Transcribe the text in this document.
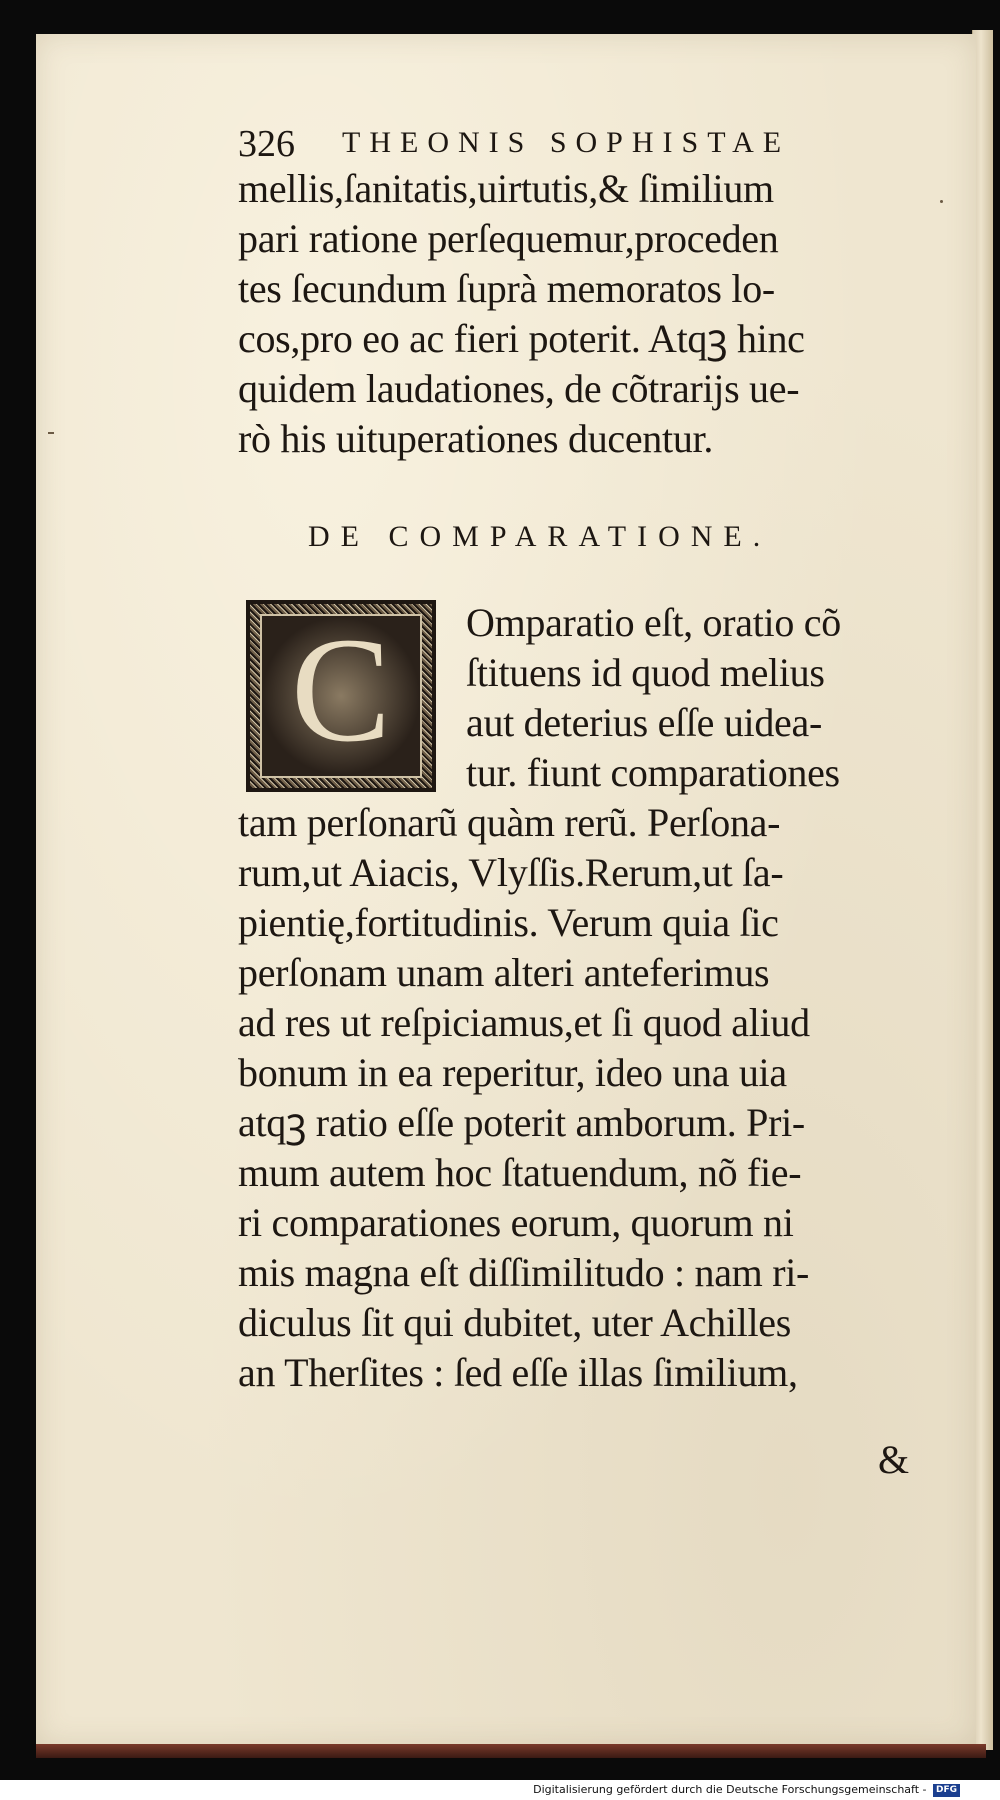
326 THEONIS SOPHISTAE
mellis,ſanitatis,uirtutis,& ſimilium
pari ratione perſequemur,proceden
tes ſecundum ſuprà memoratos lo-
cos,pro eo ac fieri poterit. Atqꝫ hinc
quidem laudationes, de cõtrarijs ue-
rò his uituperationes ducentur.
DE COMPARATIONE.
C	Omparatio eſt, oratio cõ
ſtituens id quod melius
aut deterius eſſe uidea-
tur. fiunt comparationes
tam perſonarũ quàm rerũ. Perſona-
rum,ut Aiacis, Vlyſſis.Rerum,ut ſa-
pientię,fortitudinis. Verum quia ſic
perſonam unam alteri anteferimus
ad res ut reſpiciamus,et ſi quod aliud
bonum in ea reperitur, ideo una uia
atqꝫ ratio eſſe poterit amborum. Pri-
mum autem hoc ſtatuendum, nõ fie-
ri comparationes eorum, quorum ni
mis magna eſt diſſimilitudo : nam ri-
diculus ſit qui dubitet, uter Achilles
an Therſites : ſed eſſe illas ſimilium,
&
Digitalisierung gefördert durch die Deutsche Forschungsgemeinschaft - DFG
